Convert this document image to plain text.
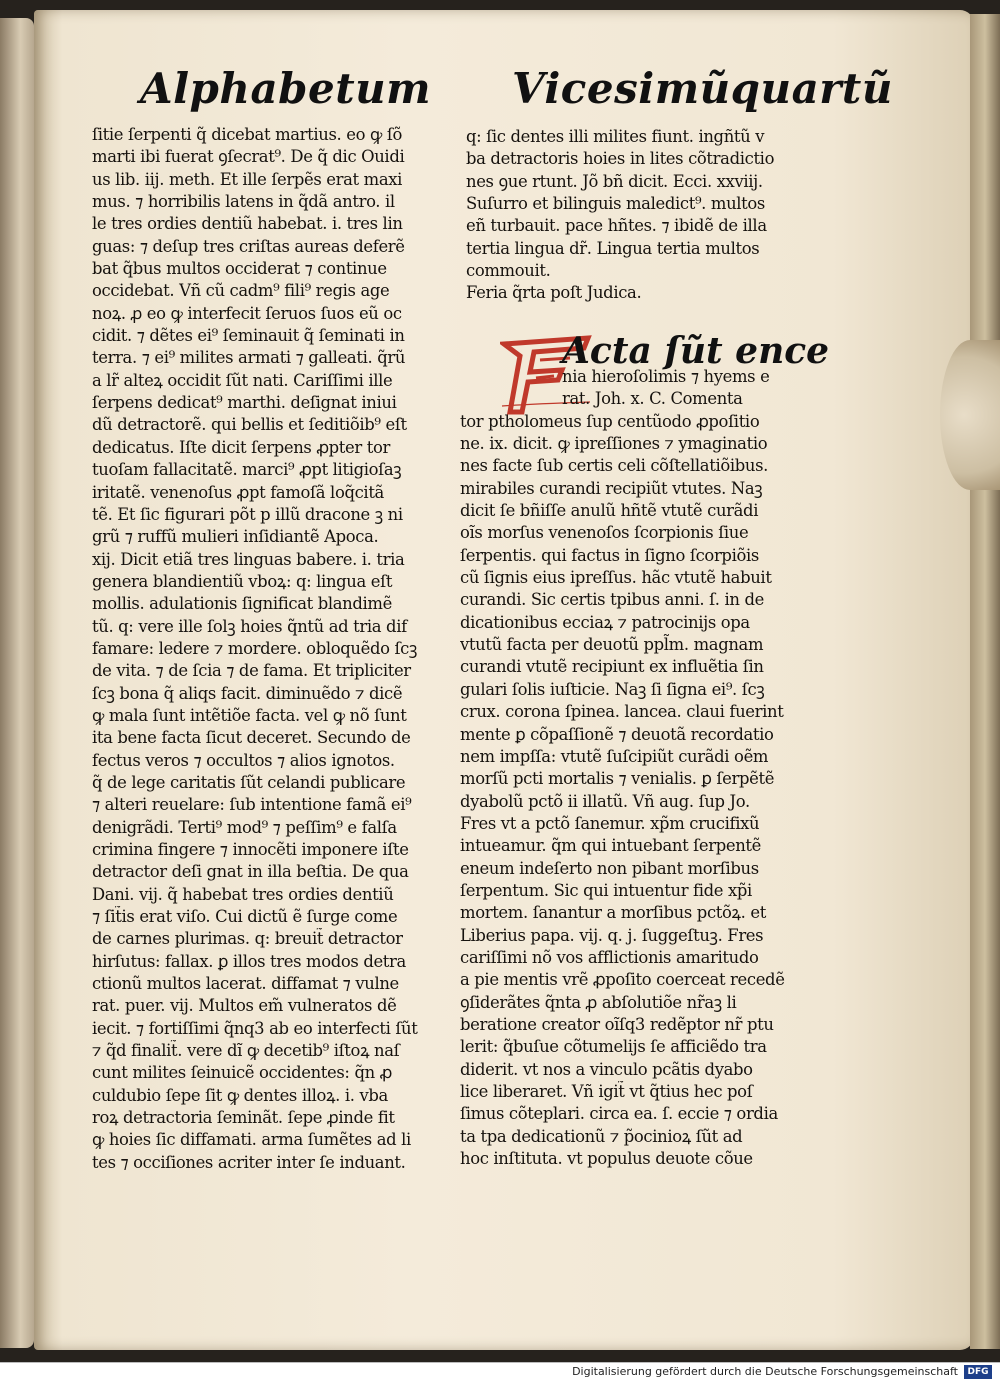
Alphabetum Vicesimũquartũ
ſitie ſerpenti q̃ dicebat martius. eo ꝙ ſõ
marti ibi fuerat ꝯſecrat⁹. De q̃ dic Ouidi
us lib. iij. meth. Et ille ſerpẽs erat maxi
mus. ⁊ horribilis latens in q̃dã antro. il
le tres ordies dentiũ habebat. i. tres lin
guas: ⁊ deſup tres criſtas aureas deferẽ
bat q̃bus multos occiderat ⁊ continue
occidebat. Vñ cũ cadm⁹ fili⁹ regis age
noꝝ. ꝓ eo ꝙ interfecit ſeruos ſuos eũ oc
cidit. ⁊ dẽtes ei⁹ ſeminauit q̃ ſeminati in
terra. ⁊ ei⁹ milites armati ⁊ galleati. q̃rũ
a lr̃ alteꝝ occidit ſũt nati. Cariſſimi ille
ſerpens dedicat⁹ marthi. deſignat iniui
dũ detractorẽ. qui bellis et ſeditiõib⁹ eſt
dedicatus. Iſte dicit ſerpens ꝓpter tor
tuoſam fallacitatẽ. marci⁹ ꝓpt litigioſaꝫ
iritatẽ. venenoſus ꝓpt famoſã loq̃citã
tẽ. Et ſic figurari põt p illũ dracone ꝫ ni
grũ ⁊ ruffũ mulieri inſidiantẽ Apoca.
xij. Dicit etiã tres linguas babere. i. tria
genera blandientiũ vboꝝ: q: lingua eſt
mollis. adulationis ſignificat blandimẽ
tũ. q: vere ille ſolꝫ hoies q̃ntũ ad tria dif
famare: ledere ⁊ mordere. obloquẽdo ſcꝫ
de vita. ⁊ de ſcia ⁊ de fama. Et tripliciter
ſcꝫ bona q̃ aliqs facit. diminuẽdo ⁊ dicẽ
ꝙ mala ſunt intẽtiõe facta. vel ꝙ nõ ſunt
ita bene facta ſicut deceret. Secundo de
fectus veros ⁊ occultos ⁊ alios ignotos.
q̃ de lege caritatis ſũt celandi publicare
⁊ alteri reuelare: ſub intentione famã ei⁹
denigrãdi. Terti⁹ mod⁹ ⁊ peſſim⁹ e falſa
crimina fingere ⁊ innocẽti imponere iſte
detractor deſi gnat in illa beſtia. De qua
Dani. vij. q̃ habebat tres ordies dentiũ
⁊ ſit̃is erat viſo. Cui dictũ ẽ ſurge come
de carnes plurimas. q: breuit̃ detractor
hirſutus: fallax. ꝑ illos tres modos detra
ctionũ multos lacerat. diffamat ⁊ vulne
rat. puer. vij. Multos em̃ vulneratos dẽ
iecit. ⁊ fortiſſimi q̃nq3 ab eo interfecti ſũt
⁊ q̃d finalit̃. vere dĩ ꝙ decetib⁹ iſtoꝝ naſ
cunt milites ſeinuicẽ occidentes: q̃n ꝓ
culdubio ſepe ſit ꝙ dentes illoꝝ. i. vba
roꝝ detractoria ſeminãt. ſepe ꝓinde fit
ꝙ hoies ſic diffamati. arma ſumẽtes ad li
tes ⁊ occiſiones acriter inter ſe induant.
q: ſic dentes illi milites fiunt. ingñtũ v
ba detractoris hoies in lites cõtradictio
nes ꝯue rtunt. Jõ bñ dicit. Ecci. xxviij.
Suſurro et bilinguis maledict⁹. multos
eñ turbauit. pace hñtes. ⁊ ibidẽ de illa
tertia lingua dr̃. Lingua tertia multos
commouit.
Feria q̃rta poſt Judica.
Acta ſũt ence
nia hieroſolimis ⁊ hyems e
rat. Joh. x. C. Comenta
tor ptholomeus ſup centũodo ꝓpoſitio
ne. ix. dicit. ꝙ ipreſſiones ⁊ ymaginatio
nes facte ſub certis celi cõſtellatiõibus.
mirabiles curandi recipiũt vtutes. Naꝫ
dicit ſe bñiſſe anulũ hñtẽ vtutẽ curãdi
oĩs morſus venenoſos ſcorpionis ſiue
ſerpentis. qui factus in ſigno ſcorpiõis
cũ ſignis eius ipreſſus. hãc vtutẽ habuit
curandi. Sic certis tpibus anni. ſ. in de
dicationibus ecciaꝝ ⁊ patrocinijs opa
vtutũ facta per deuotũ ppl̃m. magnam
curandi vtutẽ recipiunt ex influẽtia ſin
gulari ſolis iuſticie. Naꝫ ſi ſigna ei⁹. ſcꝫ
crux. corona ſpinea. lancea. claui fuerint
mente ꝑ cõpaſſionẽ ⁊ deuotã recordatio
nem impſſa: vtutẽ ſuſcipiũt curãdi oẽm
morſũ pcti mortalis ⁊ venialis. ꝑ ſerpẽtẽ
dyabolũ pctõ ii illatũ. Vñ aug. ſup Jo.
Fres vt a pctõ ſanemur. xp̃m crucifixũ
intueamur. q̃m qui intuebant ſerpentẽ
eneum indeſerto non pibant morſibus
ſerpentum. Sic qui intuentur fide xp̃i
mortem. ſanantur a morſibus pctõꝝ. et
Liberius papa. vij. q. j. ſuggeſtuꝫ. Fres
cariſſimi nõ vos afflictionis amaritudo
a pie mentis vrẽ ꝓpoſito coerceat recedẽ
ꝯſiderãtes q̃nta ꝓ abſolutiõe nr̃aꝫ li
beratione creator oĩſq3 redẽptor nr̃ ptu
lerit: q̃buſue cõtumelijs ſe afficiẽdo tra
diderit. vt nos a vinculo pcãtis dyabo
lice liberaret. Vñ igit̃ vt q̃tius hec poſ
ſimus cõteplari. circa ea. ſ. eccie ⁊ ordia
ta tpa dedicationũ ⁊ p̃ocinioꝝ ſũt ad
hoc inſtituta. vt populus deuote cõue
Digitalisierung gefördert durch die Deutsche Forschungsgemeinschaft	DFG
